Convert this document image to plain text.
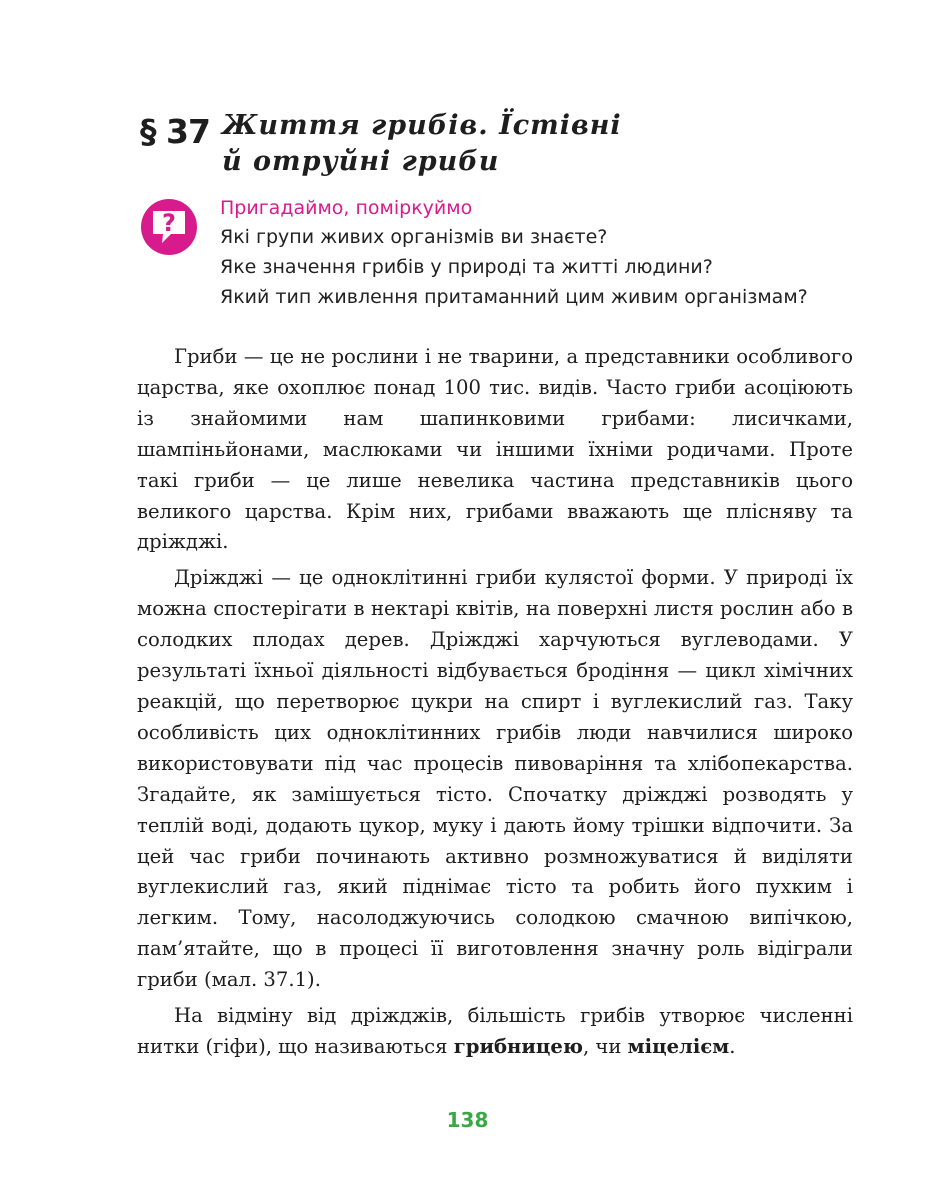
§ 37 Життя грибів. Їстівні
й отруйні гриби
?
Пригадаймо, поміркуймо
Які групи живих організмів ви знаєте?
Яке значення грибів у природі та житті людини?
Який тип живлення притаманний цим живим організмам?

Гриби — це не рослини і не тварини, а представники особливого царства, яке охоплює понад 100 тис. видів. Часто гриби асоціюють із знайомими нам шапинковими грибами: лисичками, шампіньйонами, маслюками чи іншими їхніми родичами. Проте такі гриби — це лише невелика частина представників цього великого царства. Крім них, грибами вважають ще плісняву та дріжджі.

Дріжджі — це одноклітинні гриби кулястої форми. У природі їх можна спостерігати в нектарі квітів, на поверхні листя рослин або в солодких плодах дерев. Дріжджі харчуються вуглеводами. У результаті їхньої діяльності відбувається бродіння — цикл хімічних реакцій, що перетворює цукри на спирт і вуглекислий газ. Таку особливість цих одноклітинних грибів люди навчилися широко використовувати під час процесів пивоваріння та хлібопекарства. Згадайте, як замішується тісто. Спочатку дріжджі розводять у теплій воді, додають цукор, муку і дають йому трішки відпочити. За цей час гриби починають активно розмножуватися й виділяти вуглекислий газ, який піднімає тісто та робить його пухким і легким. Тому, насолоджуючись солодкою смачною випічкою, пам’ятайте, що в процесі її виготовлення значну роль відіграли гриби (мал. 37.1).

На відміну від дріжджів, більшість грибів утворює численні нитки (гіфи), що називаються грибницею, чи міцелієм.

138
